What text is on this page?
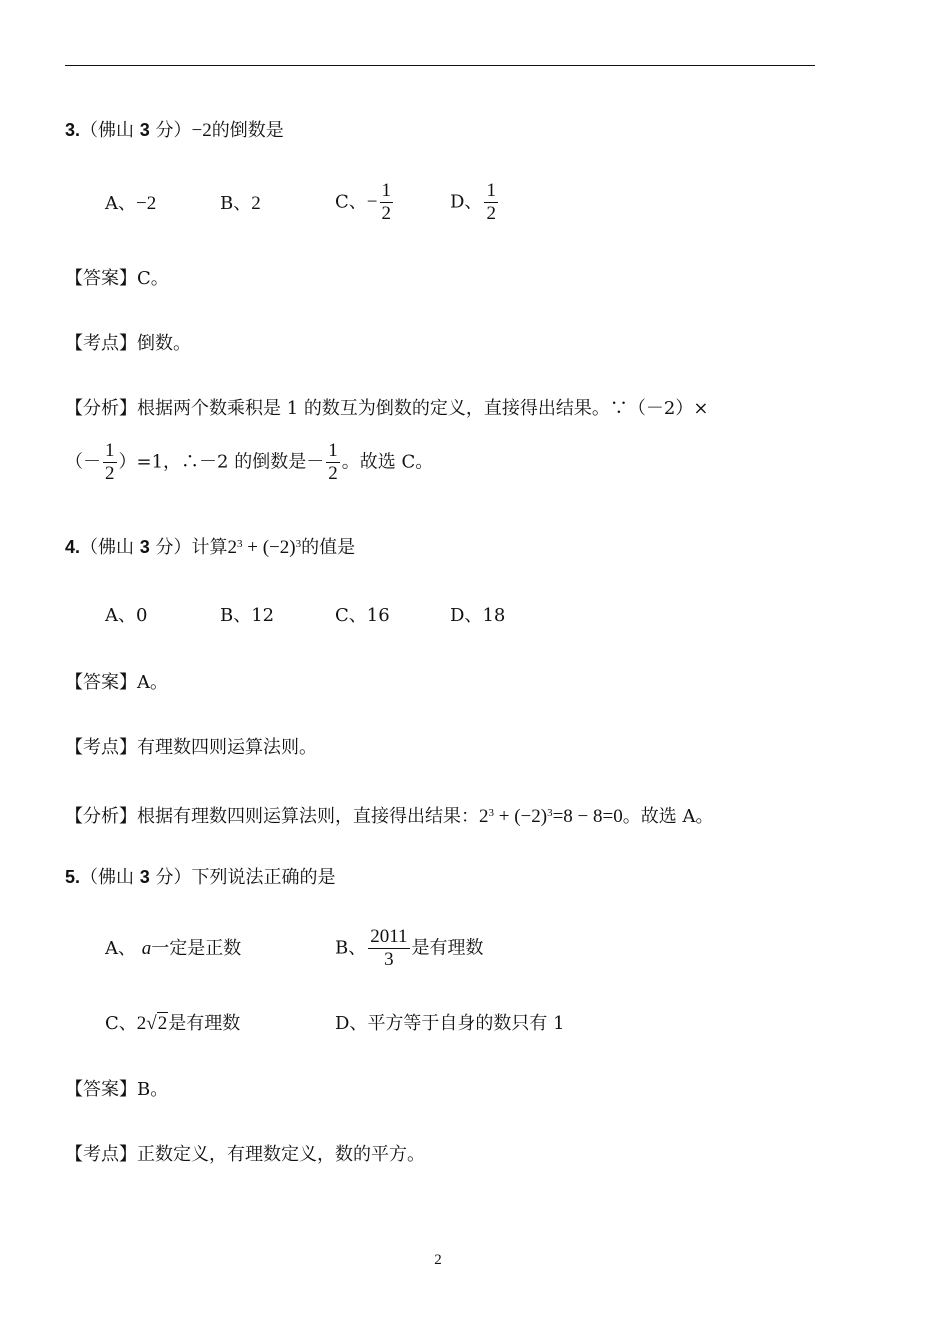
3.（佛山 3 分）−2的倒数是
A、−2	B、2	C、− $\frac{1}{2}$	D、 $\frac{1}{2}$
【答案】C。
【考点】倒数。
【分析】根据两个数乘积是 1 的数互为倒数的定义，直接得出结果。∵（－2）×
（－ $\frac{1}{2} )=1$，∴－2 的倒数是－ $\frac{1}{2}$ 。故选 C。
4.（佛山 3 分）计算$2^3 + (-2)^3$的值是
A、0	B、12	C、16	D、18
【答案】A。
【考点】有理数四则运算法则。
【分析】根据有理数四则运算法则，直接得出结果：$2^3 + (-2)^3=8 - 8=0$。故选 A。
5.（佛山 3 分）下列说法正确的是
A、 a一定是正数	B、 $\frac{2011}{3}$ 是有理数
C、2√2是有理数	D、平方等于自身的数只有 1
【答案】B。
【考点】正数定义，有理数定义，数的平方。
2
